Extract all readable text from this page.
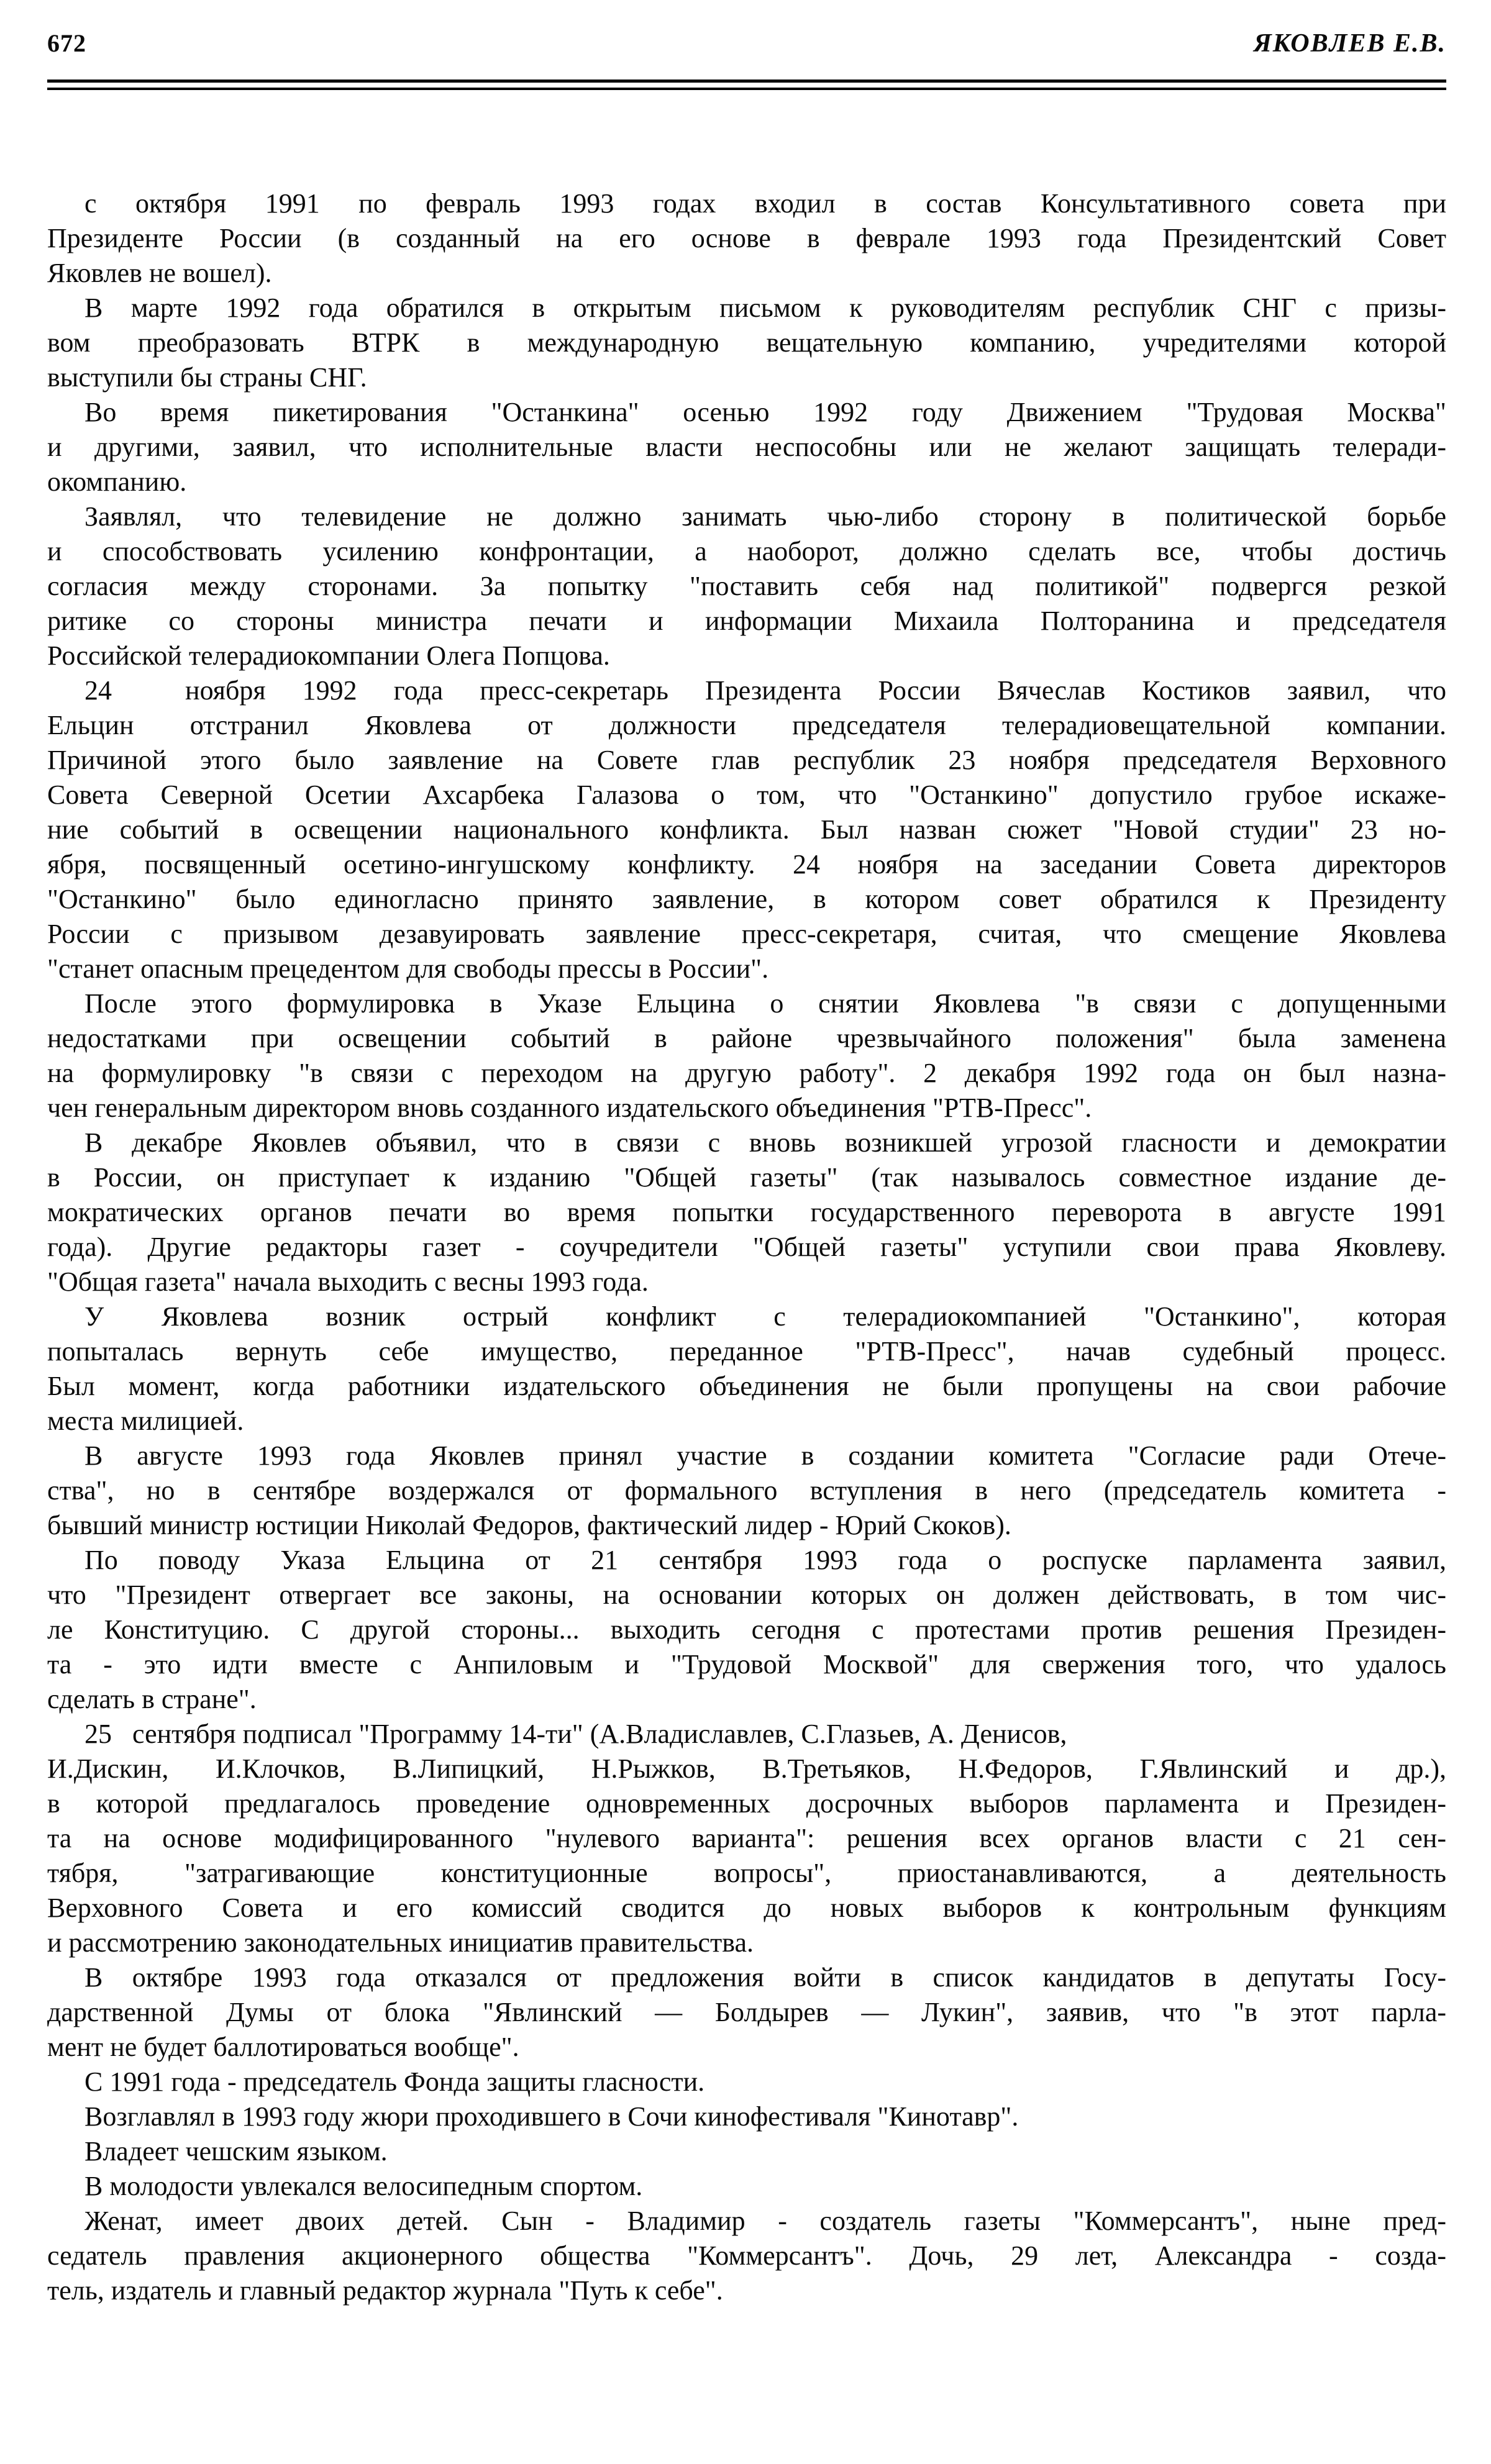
672	ЯКОВЛЕВ Е.В.
с октября 1991 по февраль 1993 годах входил в состав Консультативного совета при
Президенте России (в созданный на его основе в феврале 1993 года Президентский Совет
Яковлев не вошел).
В марте 1992 года обратился в открытым письмом к руководителям республик СНГ с призы-
вом преобразовать ВТРК в международную вещательную компанию, учредителями которой
выступили бы страны СНГ.
Во время пикетирования "Останкина" осенью 1992 году Движением "Трудовая Москва"
и другими, заявил, что исполнительные власти неспособны или не желают защищать телеради-
окомпанию.
Заявлял, что телевидение не должно занимать чью-либо сторону в политической борьбе
и способствовать усилению конфронтации, а наоборот, должно сделать все, чтобы достичь
согласия между сторонами. За попытку "поставить себя над политикой" подвергся резкой
ритике со стороны министра печати и информации Михаила Полторанина и председателя
Российской телерадиокомпании Олега Попцова.
24  ноября 1992 года пресс-секретарь Президента России Вячеслав Костиков заявил, что
Ельцин отстранил Яковлева от должности председателя телерадиовещательной компании.
Причиной этого было заявление на Совете глав республик 23 ноября председателя Верховного
Совета Северной Осетии Ахсарбека Галазова о том, что "Останкино" допустило грубое искаже-
ние событий в освещении национального конфликта. Был назван сюжет "Новой студии" 23 но-
ября, посвященный осетино-ингушскому конфликту. 24 ноября на заседании Совета директоров
"Останкино" было единогласно принято заявление, в котором совет обратился к Президенту
России с призывом дезавуировать заявление пресс-секретаря, считая, что смещение Яковлева
"станет опасным прецедентом для свободы прессы в России".
После этого формулировка в Указе Ельцина о снятии Яковлева "в связи с допущенными
недостатками при освещении событий в районе чрезвычайного положения" была заменена
на формулировку "в связи с переходом на другую работу". 2 декабря 1992 года он был назна-
чен генеральным директором вновь созданного издательского объединения "РТВ-Пресс".
В декабре Яковлев объявил, что в связи с вновь возникшей угрозой гласности и демократии
в России, он приступает к изданию "Общей газеты" (так называлось совместное издание де-
мократических органов печати во время попытки государственного переворота в августе 1991
года). Другие редакторы газет - соучредители "Общей газеты" уступили свои права Яковлеву.
"Общая газета" начала выходить с весны 1993 года.
У Яковлева возник острый конфликт с телерадиокомпанией "Останкино", которая
попыталась вернуть себе имущество, переданное "РТВ-Пресс", начав судебный процесс.
Был момент, когда работники издательского объединения не были пропущены на свои рабочие
места милицией.
В августе 1993 года Яковлев принял участие в создании комитета "Согласие ради Отече-
ства", но в сентябре воздержался от формального вступления в него (председатель комитета -
бывший министр юстиции Николай Федоров, фактический лидер - Юрий Скоков).
По поводу Указа Ельцина от 21 сентября 1993 года о роспуске парламента заявил,
что "Президент отвергает все законы, на основании которых он должен действовать, в том чис-
ле Конституцию. С другой стороны... выходить сегодня с протестами против решения Президен-
та - это идти вместе с Анпиловым и "Трудовой Москвой" для свержения того, что удалось
сделать в стране".
25   сентября подписал "Программу 14-ти" (А.Владиславлев, С.Глазьев, А. Денисов,
И.Дискин, И.Клочков, В.Липицкий, Н.Рыжков, В.Третьяков, Н.Федоров, Г.Явлинский и др.),
в которой предлагалось проведение одновременных досрочных выборов парламента и Президен-
та на основе модифицированного "нулевого варианта": решения всех органов власти с 21 сен-
тября, "затрагивающие конституционные вопросы", приостанавливаются, а деятельность
Верховного Совета и его комиссий сводится до новых выборов к контрольным функциям
и рассмотрению законодательных инициатив правительства.
В октябре 1993 года отказался от предложения войти в список кандидатов в депутаты Госу-
дарственной Думы от блока "Явлинский — Болдырев — Лукин", заявив, что "в этот парла-
мент не будет баллотироваться вообще".
С 1991 года - председатель Фонда защиты гласности.
Возглавлял в 1993 году жюри проходившего в Сочи кинофестиваля "Кинотавр".
Владеет чешским языком.
В молодости увлекался велосипедным спортом.
Женат, имеет двоих детей. Сын - Владимир - создатель газеты "Коммерсантъ", ныне пред-
седатель правления акционерного общества "Коммерсантъ". Дочь, 29 лет, Александра - созда-
тель, издатель и главный редактор журнала "Путь к себе".
